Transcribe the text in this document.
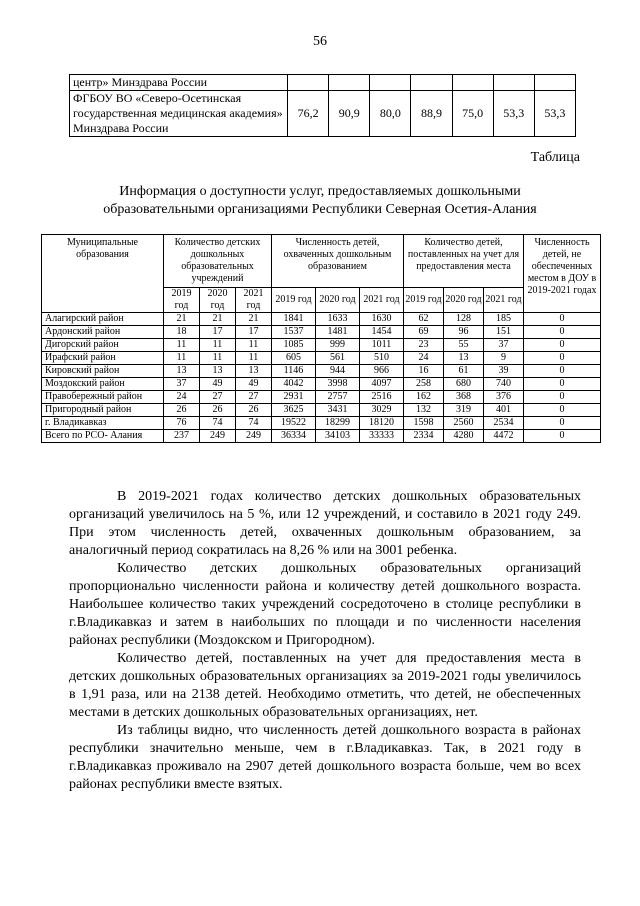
56
центр» Минздрава России							
ФГБОУ ВО «Северо-Осетинская государственная медицинская академия» Минздрава России	76,2	90,9	80,0	88,9	75,0	53,3	53,3
Таблица
Информация о доступности услуг, предоставляемых дошкольными
образовательными организациями Республики Северная Осетия-Алания
Муниципальные образования	Количество детских дошкольных образовательных учреждений			Численность детей, охваченных дошкольным образованием			Количество детей, поставленных на учет для предоставления места			Численность детей, не обеспеченных местом в ДОУ в 2019-2021 годах
	2019 год	2020 год	2021 год	2019 год	2020 год	2021 год	2019 год	2020 год	2021 год	
Алагирский район	21	21	21	1841	1633	1630	62	128	185	0
Ардонский район	18	17	17	1537	1481	1454	69	96	151	0
Дигорский район	11	11	11	1085	999	1011	23	55	37	0
Ирафский район	11	11	11	605	561	510	24	13	9	0
Кировский район	13	13	13	1146	944	966	16	61	39	0
Моздокский район	37	49	49	4042	3998	4097	258	680	740	0
Правобережный район	24	27	27	2931	2757	2516	162	368	376	0
Пригородный район	26	26	26	3625	3431	3029	132	319	401	0
г. Владикавказ	76	74	74	19522	18299	18120	1598	2560	2534	0
Всего по РСО- Алания	237	249	249	36334	34103	33333	2334	4280	4472	0

В 2019-2021 годах количество детских дошкольных образовательных организаций увеличилось на 5 %, или 12 учреждений, и составило в 2021 году 249. При этом численность детей, охваченных дошкольным образованием, за аналогичный период сократилась на 8,26 % или на 3001 ребенка.

Количество детских дошкольных образовательных организаций пропорционально численности района и количеству детей дошкольного возраста. Наибольшее количество таких учреждений сосредоточено в столице республики в г.Владикавказ и затем в наибольших по площади и по численности населения районах республики (Моздокском и Пригородном).

Количество детей, поставленных на учет для предоставления места в детских дошкольных образовательных организациях за 2019-2021 годы увеличилось в 1,91 раза, или на 2138 детей. Необходимо отметить, что детей, не обеспеченных местами в детских дошкольных образовательных организациях, нет.

Из таблицы видно, что численность детей дошкольного возраста в районах республики значительно меньше, чем в г.Владикавказ. Так, в 2021 году в г.Владикавказ проживало на 2907 детей дошкольного возраста больше, чем во всех районах республики вместе взятых.
